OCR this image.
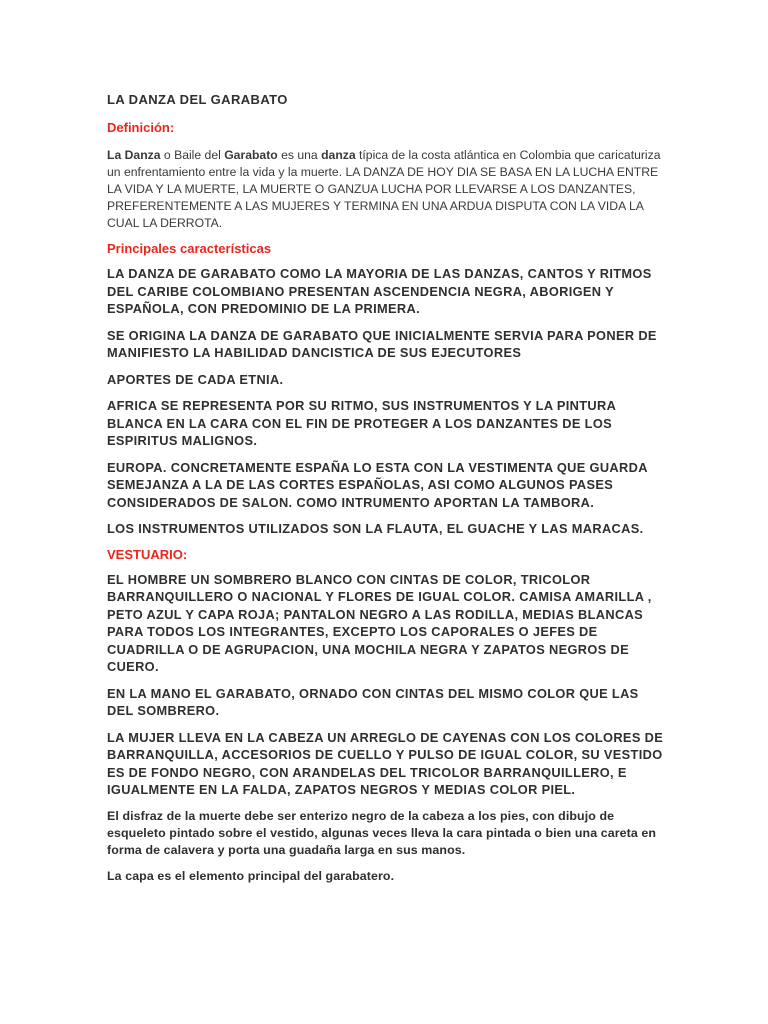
LA DANZA DEL GARABATO

Definición:

La Danza o Baile del Garabato es una danza típica de la costa atlántica en Colombia que caricaturiza un enfrentamiento entre la vida y la muerte. LA DANZA DE HOY DIA SE BASA EN LA LUCHA ENTRE LA VIDA Y LA MUERTE, LA MUERTE O GANZUA LUCHA POR LLEVARSE A LOS DANZANTES, PREFERENTEMENTE A LAS MUJERES Y TERMINA EN UNA ARDUA DISPUTA CON LA VIDA LA CUAL LA DERROTA.

Principales características

LA DANZA DE GARABATO COMO LA MAYORIA DE LAS DANZAS, CANTOS Y RITMOS DEL CARIBE COLOMBIANO PRESENTAN ASCENDENCIA NEGRA, ABORIGEN Y ESPAÑOLA, CON PREDOMINIO DE LA PRIMERA.

SE ORIGINA LA DANZA DE GARABATO QUE INICIALMENTE SERVIA PARA PONER DE MANIFIESTO LA HABILIDAD DANCISTICA DE SUS EJECUTORES

APORTES DE CADA ETNIA.

AFRICA SE REPRESENTA POR SU RITMO, SUS INSTRUMENTOS Y LA PINTURA BLANCA EN LA CARA CON EL FIN DE PROTEGER A LOS DANZANTES DE LOS ESPIRITUS MALIGNOS.

EUROPA. CONCRETAMENTE ESPAÑA LO ESTA CON LA VESTIMENTA QUE GUARDA SEMEJANZA A LA DE LAS CORTES ESPAÑOLAS, ASI COMO ALGUNOS PASES CONSIDERADOS DE SALON. COMO INTRUMENTO APORTAN LA TAMBORA.

LOS INSTRUMENTOS UTILIZADOS SON LA FLAUTA, EL GUACHE Y LAS MARACAS.

VESTUARIO:

EL HOMBRE UN SOMBRERO BLANCO CON CINTAS DE COLOR, TRICOLOR BARRANQUILLERO O NACIONAL Y FLORES DE IGUAL COLOR. CAMISA AMARILLA , PETO AZUL Y CAPA ROJA; PANTALON NEGRO A LAS RODILLA, MEDIAS BLANCAS PARA TODOS LOS INTEGRANTES, EXCEPTO LOS CAPORALES O JEFES DE CUADRILLA O DE AGRUPACION, UNA MOCHILA NEGRA Y ZAPATOS NEGROS DE CUERO.

EN LA MANO EL GARABATO, ORNADO CON CINTAS DEL MISMO COLOR QUE LAS DEL SOMBRERO.

LA MUJER LLEVA EN LA CABEZA UN ARREGLO DE CAYENAS CON LOS COLORES DE BARRANQUILLA, ACCESORIOS DE CUELLO Y PULSO DE IGUAL COLOR, SU VESTIDO ES DE FONDO NEGRO, CON ARANDELAS DEL TRICOLOR BARRANQUILLERO, E IGUALMENTE EN LA FALDA, ZAPATOS NEGROS Y MEDIAS COLOR PIEL.

El disfraz de la muerte debe ser enterizo negro de la cabeza a los pies, con dibujo de esqueleto pintado sobre el vestido, algunas veces lleva la cara pintada o bien una careta en forma de calavera y porta una guadaña larga en sus manos.

La capa es el elemento principal del garabatero.
